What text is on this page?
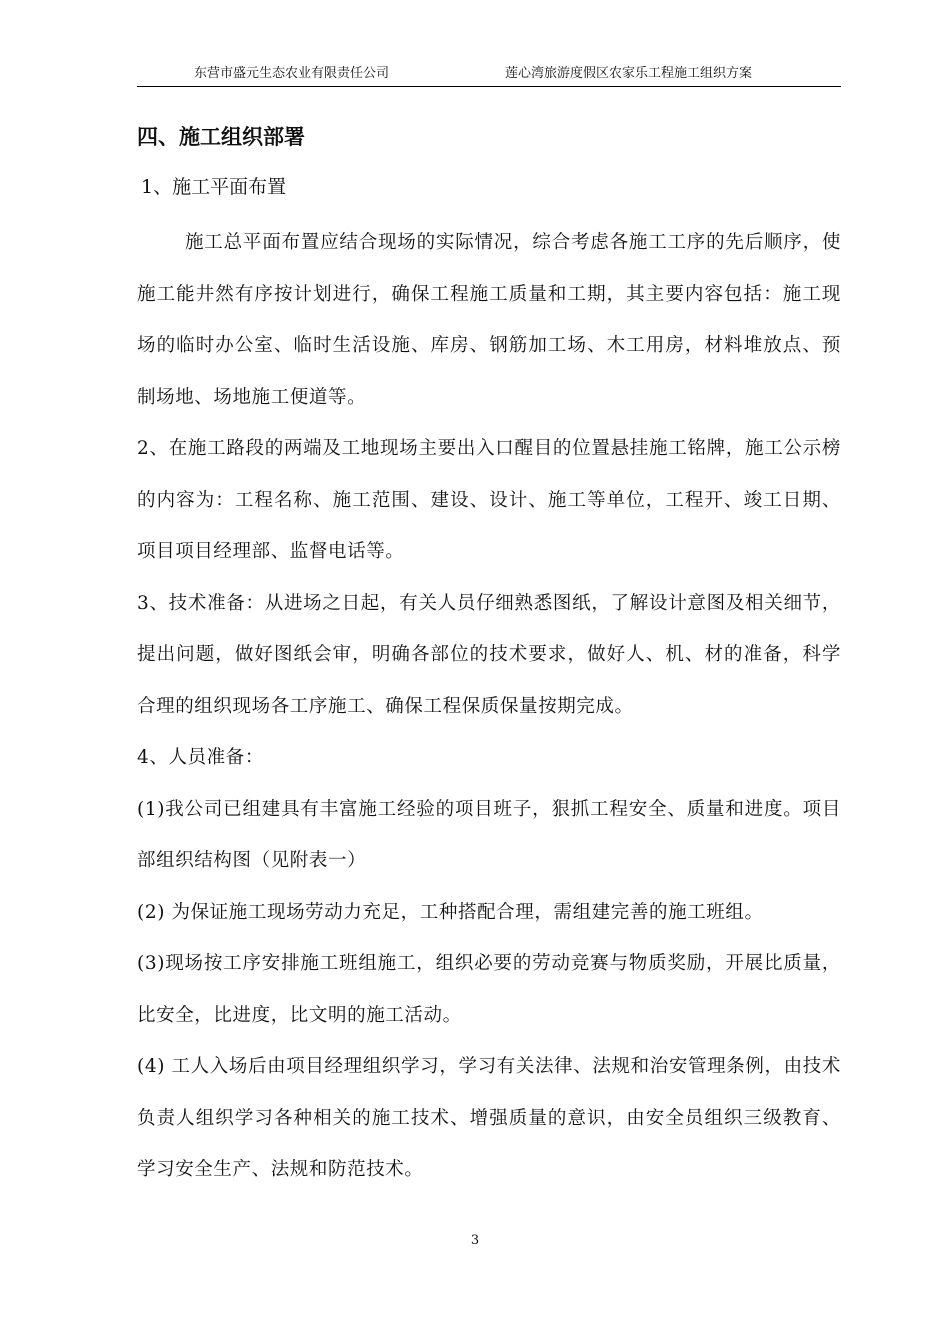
东营市盛元生态农业有限责任公司	莲心湾旅游度假区农家乐工程施工组织方案
四、施工组织部署
1、施工平面布置

施工总平面布置应结合现场的实际情况，综合考虑各施工工序的先后顺序，使施工能井然有序按计划进行，确保工程施工质量和工期，其主要内容包括：施工现场的临时办公室、临时生活设施、库房、钢筋加工场、木工用房，材料堆放点、预制场地、场地施工便道等。

2、在施工路段的两端及工地现场主要出入口醒目的位置悬挂施工铭牌，施工公示榜的内容为：工程名称、施工范围、建设、设计、施工等单位，工程开、竣工日期、项目项目经理部、监督电话等。

3、技术准备：从进场之日起，有关人员仔细熟悉图纸，了解设计意图及相关细节，提出问题，做好图纸会审，明确各部位的技术要求，做好人、机、材的准备，科学合理的组织现场各工序施工、确保工程保质保量按期完成。

4、人员准备：

(1)我公司已组建具有丰富施工经验的项目班子，狠抓工程安全、质量和进度。项目部组织结构图（见附表一）

(2) 为保证施工现场劳动力充足，工种搭配合理，需组建完善的施工班组。

(3)现场按工序安排施工班组施工，组织必要的劳动竞赛与物质奖励，开展比质量，比安全，比进度，比文明的施工活动。

(4) 工人入场后由项目经理组织学习，学习有关法律、法规和治安管理条例，由技术负责人组织学习各种相关的施工技术、增强质量的意识，由安全员组织三级教育、学习安全生产、法规和防范技术。

3
